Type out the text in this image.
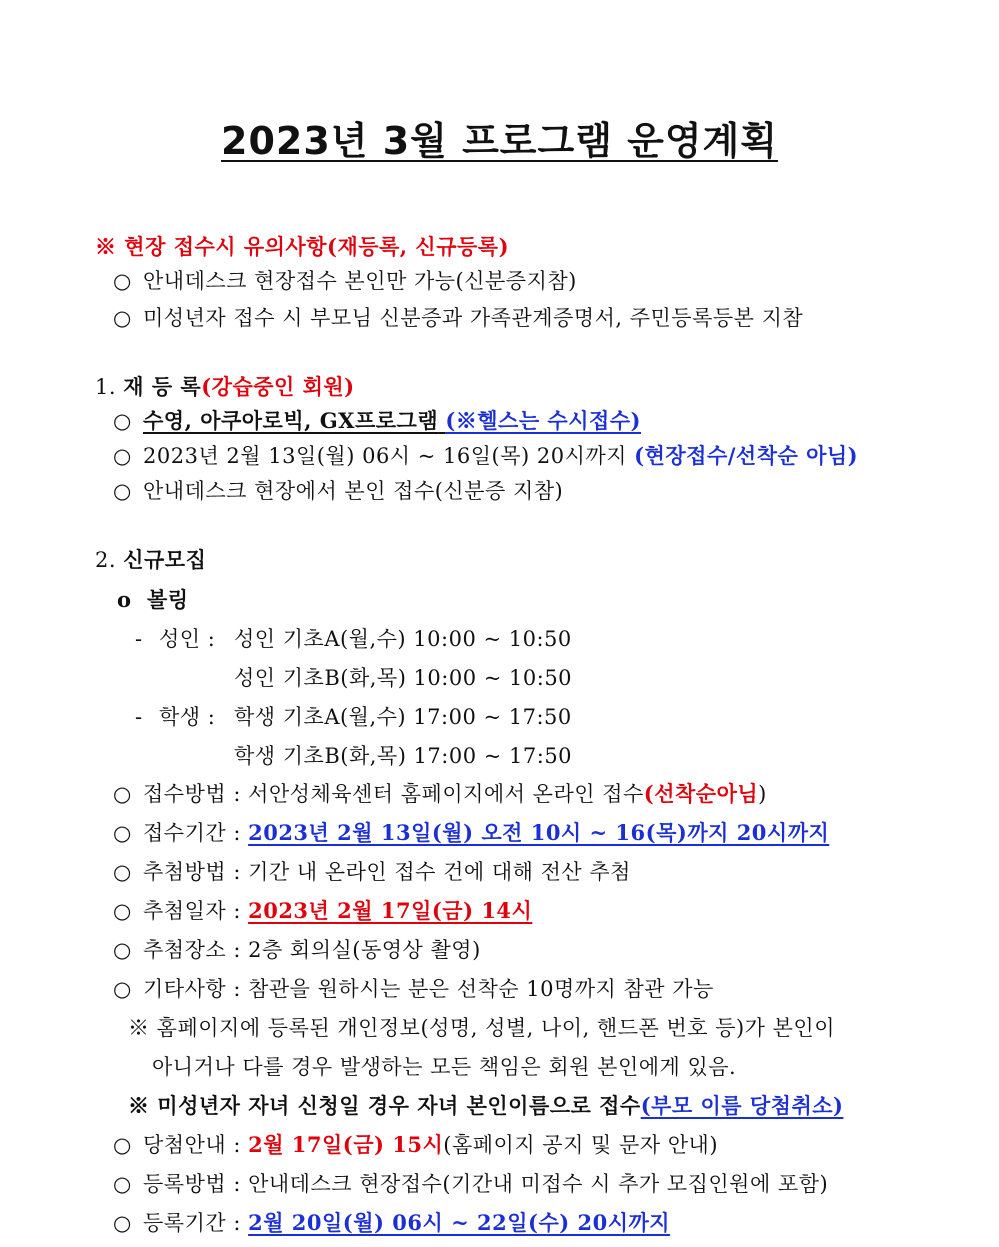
2023년 3월 프로그램 운영계획
※ 현장 접수시 유의사항(재등록, 신규등록)
○ 안내데스크 현장접수 본인만 가능(신분증지참)
○ 미성년자 접수 시 부모님 신분증과 가족관계증명서, 주민등록등본 지참
1. 재 등 록(강습중인 회원)
○ 수영, 아쿠아로빅, GX프로그램 (※헬스는 수시접수)
○ 2023년 2월 13일(월) 06시 ~ 16일(목) 20시까지 (현장접수/선착순 아님)
○ 안내데스크 현장에서 본인 접수(신분증 지참)
2. 신규모집
o 볼링
- 성인 : 성인 기초A(월,수) 10:00 ~ 10:50
성인 기초B(화,목) 10:00 ~ 10:50
- 학생 : 학생 기초A(월,수) 17:00 ~ 17:50
학생 기초B(화,목) 17:00 ~ 17:50
○ 접수방법 : 서안성체육센터 홈페이지에서 온라인 접수(선착순아님)
○ 접수기간 : 2023년 2월 13일(월) 오전 10시 ~ 16(목)까지 20시까지
○ 추첨방법 : 기간 내 온라인 접수 건에 대해 전산 추첨
○ 추첨일자 : 2023년 2월 17일(금) 14시
○ 추첨장소 : 2층 회의실(동영상 촬영)
○ 기타사항 : 참관을 원하시는 분은 선착순 10명까지 참관 가능
※ 홈페이지에 등록된 개인정보(성명, 성별, 나이, 핸드폰 번호 등)가 본인이
아니거나 다를 경우 발생하는 모든 책임은 회원 본인에게 있음.
※ 미성년자 자녀 신청일 경우 자녀 본인이름으로 접수(부모 이름 당첨취소)
○ 당첨안내 : 2월 17일(금) 15시(홈페이지 공지 및 문자 안내)
○ 등록방법 : 안내데스크 현장접수(기간내 미접수 시 추가 모집인원에 포함)
○ 등록기간 : 2월 20일(월) 06시 ~ 22일(수) 20시까지
